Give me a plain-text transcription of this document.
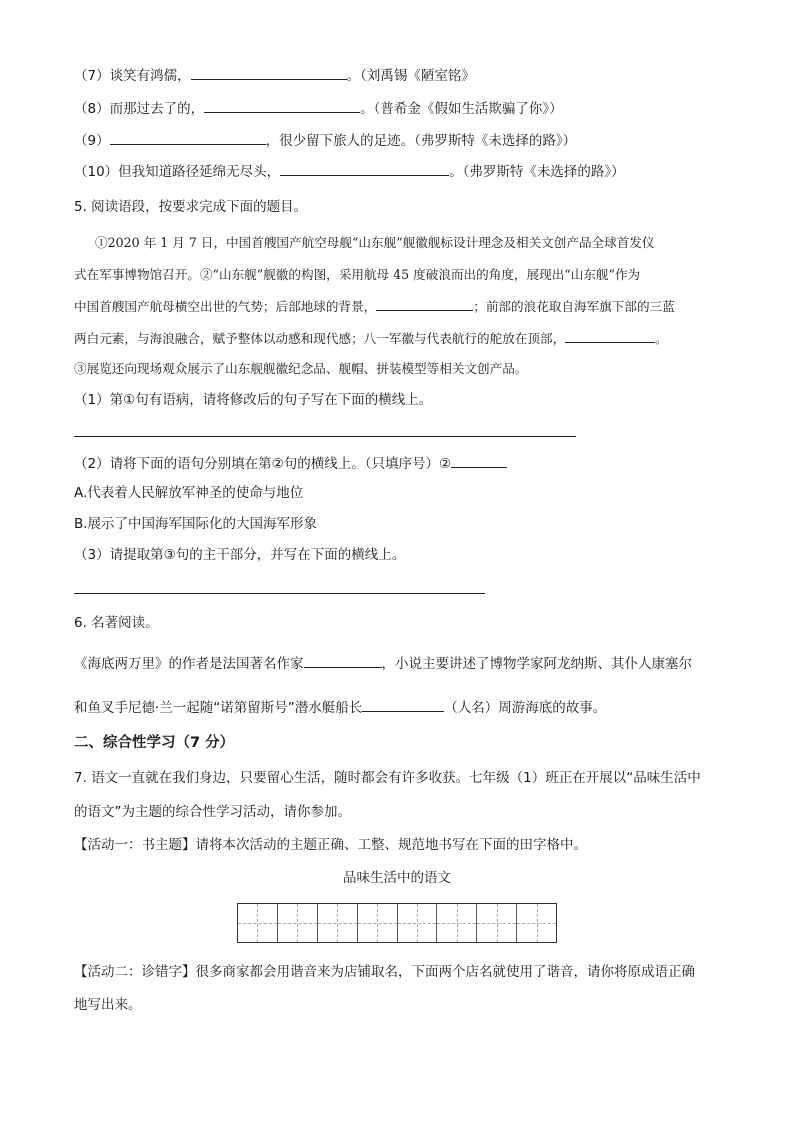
（7）谈笑有鸿儒，	。（刘禹锡《陋室铭》
（8）而那过去了的，	。（普希金《假如生活欺骗了你》）
（9）	，很少留下旅人的足迹。（弗罗斯特《未选择的路》）
（10）但我知道路径延绵无尽头，	。（弗罗斯特《未选择的路》）
5. 阅读语段，按要求完成下面的题目。
①2020 年 1 月 7 日，中国首艘国产航空母舰“山东舰”舰徽舰标设计理念及相关文创产品全球首发仪
式在军事博物馆召开。②“山东舰”舰徽的构图，采用航母 45 度破浪而出的角度，展现出“山东舰”作为
中国首艘国产航母横空出世的气势；后部地球的背景，	；前部的浪花取自海军旗下部的三蓝
两白元素，与海浪融合，赋予整体以动感和现代感；八一军徽与代表航行的舵放在顶部，	。
③展览还向现场观众展示了山东舰舰徽纪念品、舰帽、拼装模型等相关文创产品。
（1）第①句有语病，请将修改后的句子写在下面的横线上。
（2）请将下面的语句分别填在第②句的横线上。（只填序号）②
A.代表着人民解放军神圣的使命与地位
B.展示了中国海军国际化的大国海军形象
（3）请提取第③句的主干部分，并写在下面的横线上。
6. 名著阅读。
《海底两万里》的作者是法国著名作家	，小说主要讲述了博物学家阿龙纳斯、其仆人康塞尔
和鱼叉手尼德·兰一起随“诺第留斯号”潜水艇船长	（人名）周游海底的故事。
二、综合性学习（7 分）
7. 语文一直就在我们身边，只要留心生活，随时都会有许多收获。七年级（1）班正在开展以“品味生活中
的语文”为主题的综合性学习活动，请你参加。
【活动一：书主题】请将本次活动的主题正确、工整、规范地书写在下面的田字格中。
品味生活中的语文
【活动二：诊错字】很多商家都会用谐音来为店铺取名，下面两个店名就使用了谐音，请你将原成语正确
地写出来。
